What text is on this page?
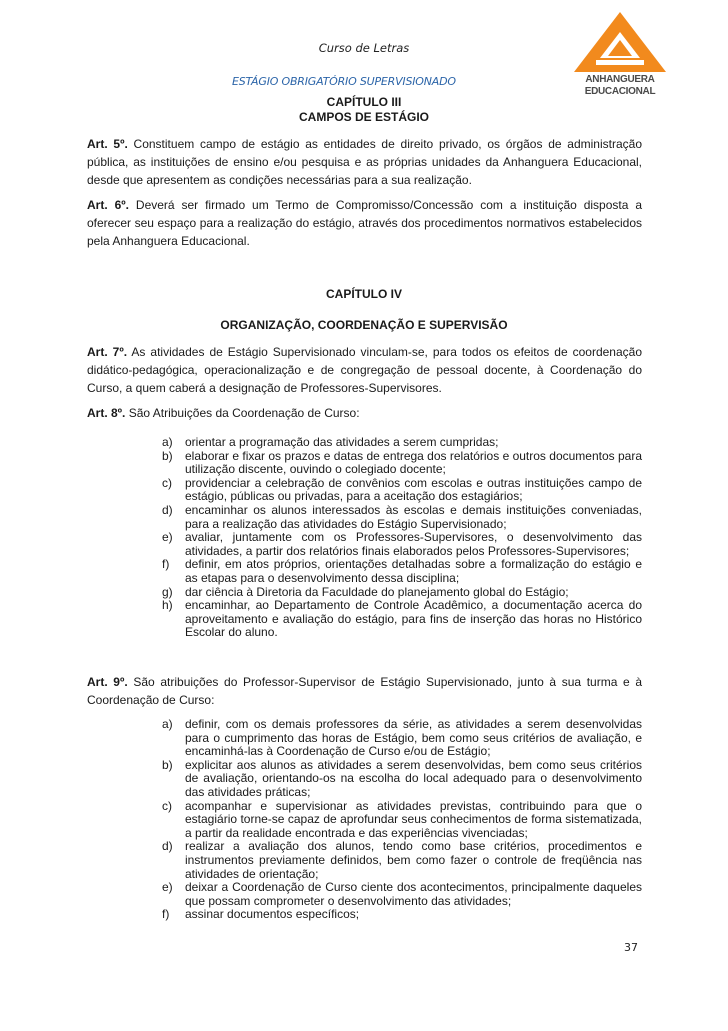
Curso de Letras
ESTÁGIO OBRIGATÓRIO SUPERVISIONADO	ANHANGUERA
EDUCACIONAL
CAPÍTULO III
CAMPOS DE ESTÁGIO
Art. 5º. Constituem campo de estágio as entidades de direito privado, os órgãos de administração pública, as instituições de ensino e/ou pesquisa e as próprias unidades da Anhanguera Educacional, desde que apresentem as condições necessárias para a sua realização.
Art. 6º. Deverá ser firmado um Termo de Compromisso/Concessão com a instituição disposta a oferecer seu espaço para a realização do estágio, através dos procedimentos normativos estabelecidos pela Anhanguera Educacional.
CAPÍTULO IV
ORGANIZAÇÃO, COORDENAÇÃO E SUPERVISÃO
Art. 7º. As atividades de Estágio Supervisionado vinculam-se, para todos os efeitos de coordenação didático-pedagógica, operacionalização e de congregação de pessoal docente, à Coordenação do Curso, a quem caberá a designação de Professores-Supervisores.
Art. 8º. São Atribuições da Coordenação de Curso:
a) orientar a programação das atividades a serem cumpridas;
b) elaborar e fixar os prazos e datas de entrega dos relatórios e outros documentos para utilização discente, ouvindo o colegiado docente;
c) providenciar a celebração de convênios com escolas e outras instituições campo de estágio, públicas ou privadas, para a aceitação dos estagiários;
d) encaminhar os alunos interessados às escolas e demais instituições conveniadas, para a realização das atividades do Estágio Supervisionado;
e) avaliar, juntamente com os Professores-Supervisores, o desenvolvimento das atividades, a partir dos relatórios finais elaborados pelos Professores-Supervisores;
f) definir, em atos próprios, orientações detalhadas sobre a formalização do estágio e as etapas para o desenvolvimento dessa disciplina;
g) dar ciência à Diretoria da Faculdade do planejamento global do Estágio;
h) encaminhar, ao Departamento de Controle Acadêmico, a documentação acerca do aproveitamento e avaliação do estágio, para fins de inserção das horas no Histórico Escolar do aluno.
Art. 9º. São atribuições do Professor-Supervisor de Estágio Supervisionado, junto à sua turma e à Coordenação de Curso:
a) definir, com os demais professores da série, as atividades a serem desenvolvidas para o cumprimento das horas de Estágio, bem como seus critérios de avaliação, e encaminhá-las à Coordenação de Curso e/ou de Estágio;
b) explicitar aos alunos as atividades a serem desenvolvidas, bem como seus critérios de avaliação, orientando-os na escolha do local adequado para o desenvolvimento das atividades práticas;
c) acompanhar e supervisionar as atividades previstas, contribuindo para que o estagiário torne-se capaz de aprofundar seus conhecimentos de forma sistematizada, a partir da realidade encontrada e das experiências vivenciadas;
d) realizar a avaliação dos alunos, tendo como base critérios, procedimentos e instrumentos previamente definidos, bem como fazer o controle de freqüência nas atividades de orientação;
e) deixar a Coordenação de Curso ciente dos acontecimentos, principalmente daqueles que possam comprometer o desenvolvimento das atividades;
f) assinar documentos específicos;
37
